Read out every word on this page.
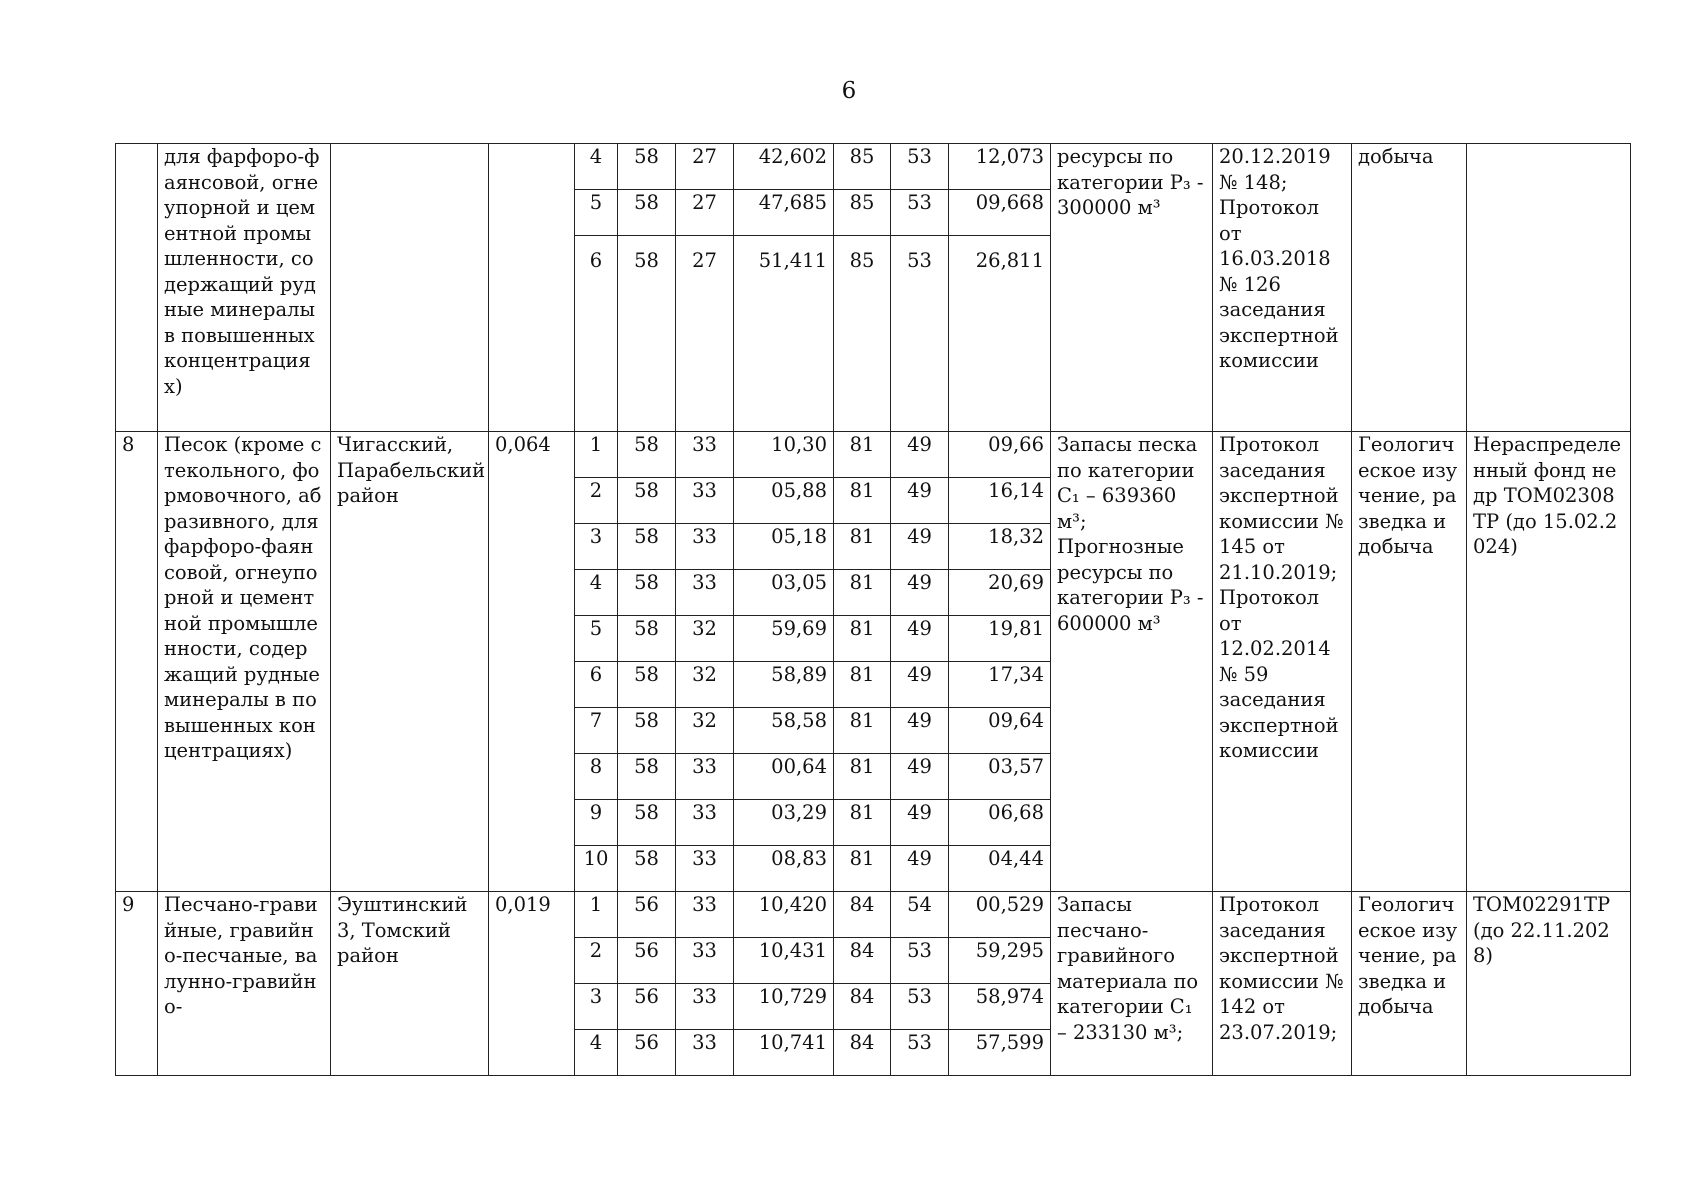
6
	для фарфоро-фаянсовой, огнеупорной и цементной промышленности, содержащий рудные минералы в повышенных концентрациях)			4	58	27	42,602	85	53	12,073	ресурсы по категории P₃ - 300000 м³	20.12.2019 № 148; Протокол от 16.03.2018 № 126 заседания экспертной комиссии	добыча	
				5	58	27	47,685	85	53	09,668				
				6	58	27	51,411	85	53	26,811				
8	Песок (кроме стекольного, формовочного, абразивного, для фарфоро-фаянсовой, огнеупорной и цементной промышленности, содержащий рудные минералы в повышенных концентрациях)	Чигасский, Парабельский район	0,064	1	58	33	10,30	81	49	09,66	Запасы песка по категории C₁ – 639360 м³; Прогнозные ресурсы по категории P₃ - 600000 м³	Протокол заседания экспертной комиссии № 145 от 21.10.2019; Протокол от 12.02.2014 № 59 заседания экспертной комиссии	Геологическое изучение, разведка и добыча	Нераспределенный фонд недр ТОМ02308ТР (до 15.02.2024)
				2	58	33	05,88	81	49	16,14				
				3	58	33	05,18	81	49	18,32				
				4	58	33	03,05	81	49	20,69				
				5	58	32	59,69	81	49	19,81				
				6	58	32	58,89	81	49	17,34				
				7	58	32	58,58	81	49	09,64				
				8	58	33	00,64	81	49	03,57				
				9	58	33	03,29	81	49	06,68				
				10	58	33	08,83	81	49	04,44				
9	Песчано-гравийные, гравийно-песчаные, валунно-гравийно-	Эуштинский 3, Томский район	0,019	1	56	33	10,420	84	54	00,529	Запасы песчано-гравийного материала по категории C₁ – 233130 м³;	Протокол заседания экспертной комиссии № 142 от 23.07.2019;	Геологическое изучение, разведка и добыча	ТОМ02291ТР (до 22.11.2028)
				2	56	33	10,431	84	53	59,295				
				3	56	33	10,729	84	53	58,974				
				4	56	33	10,741	84	53	57,599				
